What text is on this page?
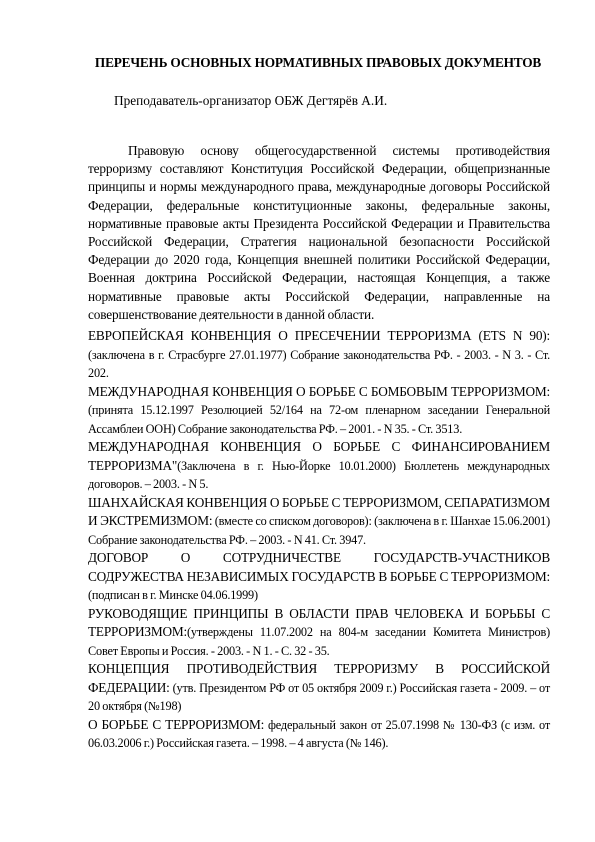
ПЕРЕЧЕНЬ ОСНОВНЫХ НОРМАТИВНЫХ ПРАВОВЫХ ДОКУМЕНТОВ
Преподаватель-организатор ОБЖ Дегтярёв А.И.

Правовую основу общегосударственной системы противодействия терроризму составляют Конституция Российской Федерации, общепризнанные принципы и нормы международного права, международные договоры Российской Федерации, федеральные конституционные законы, федеральные законы, нормативные правовые акты Президента Российской Федерации и Правительства Российской Федерации, Стратегия национальной безопасности Российской Федерации до 2020 года, Концепция внешней политики Российской Федерации, Военная доктрина Российской Федерации, настоящая Концепция, а также нормативные правовые акты Российской Федерации, направленные на совершенствование деятельности в данной области.

ЕВРОПЕЙСКАЯ КОНВЕНЦИЯ О ПРЕСЕЧЕНИИ ТЕРРОРИЗМА (ETS N 90): (заключена в г. Страсбурге 27.01.1977) Собрание законодательства РФ. - 2003. - N 3. - Ст. 202.

МЕЖДУНАРОДНАЯ КОНВЕНЦИЯ О БОРЬБЕ С БОМБОВЫМ ТЕРРОРИЗМОМ:(принята 15.12.1997 Резолюцией 52/164 на 72-ом пленарном заседании Генеральной Ассамблеи ООН) Собрание законодательства РФ. – 2001. - N 35. - Ст. 3513.

МЕЖДУНАРОДНАЯ КОНВЕНЦИЯ О БОРЬБЕ С ФИНАНСИРОВАНИЕМ ТЕРРОРИЗМА"(Заключена в г. Нью-Йорке 10.01.2000) Бюллетень международных договоров. – 2003. - N 5.

ШАНХАЙСКАЯ КОНВЕНЦИЯ О БОРЬБЕ С ТЕРРОРИЗМОМ, СЕПАРАТИЗМОМ И ЭКСТРЕМИЗМОМ: (вместе со списком договоров): (заключена в г. Шанхае 15.06.2001) Собрание законодательства РФ. – 2003. - N 41. Ст. 3947.

ДОГОВОР О СОТРУДНИЧЕСТВЕ ГОСУДАРСТВ-УЧАСТНИКОВ СОДРУЖЕСТВА НЕЗАВИСИМЫХ ГОСУДАРСТВ В БОРЬБЕ С ТЕРРОРИЗМОМ: (подписан в г. Минске 04.06.1999)

РУКОВОДЯЩИЕ ПРИНЦИПЫ В ОБЛАСТИ ПРАВ ЧЕЛОВЕКА И БОРЬБЫ С ТЕРРОРИЗМОМ:(утверждены 11.07.2002 на 804-м заседании Комитета Министров) Совет Европы и Россия. - 2003. - N 1. - С. 32 - 35.

КОНЦЕПЦИЯ ПРОТИВОДЕЙСТВИЯ ТЕРРОРИЗМУ В РОССИЙСКОЙ ФЕДЕРАЦИИ: (утв. Президентом РФ от 05 октября 2009 г.) Российская газета - 2009. – от 20 октября (№198)

О БОРЬБЕ С ТЕРРОРИЗМОМ: федеральный закон от 25.07.1998 № 130-ФЗ (с изм. от 06.03.2006 г.) Российская газета. – 1998. – 4 августа (№ 146).
